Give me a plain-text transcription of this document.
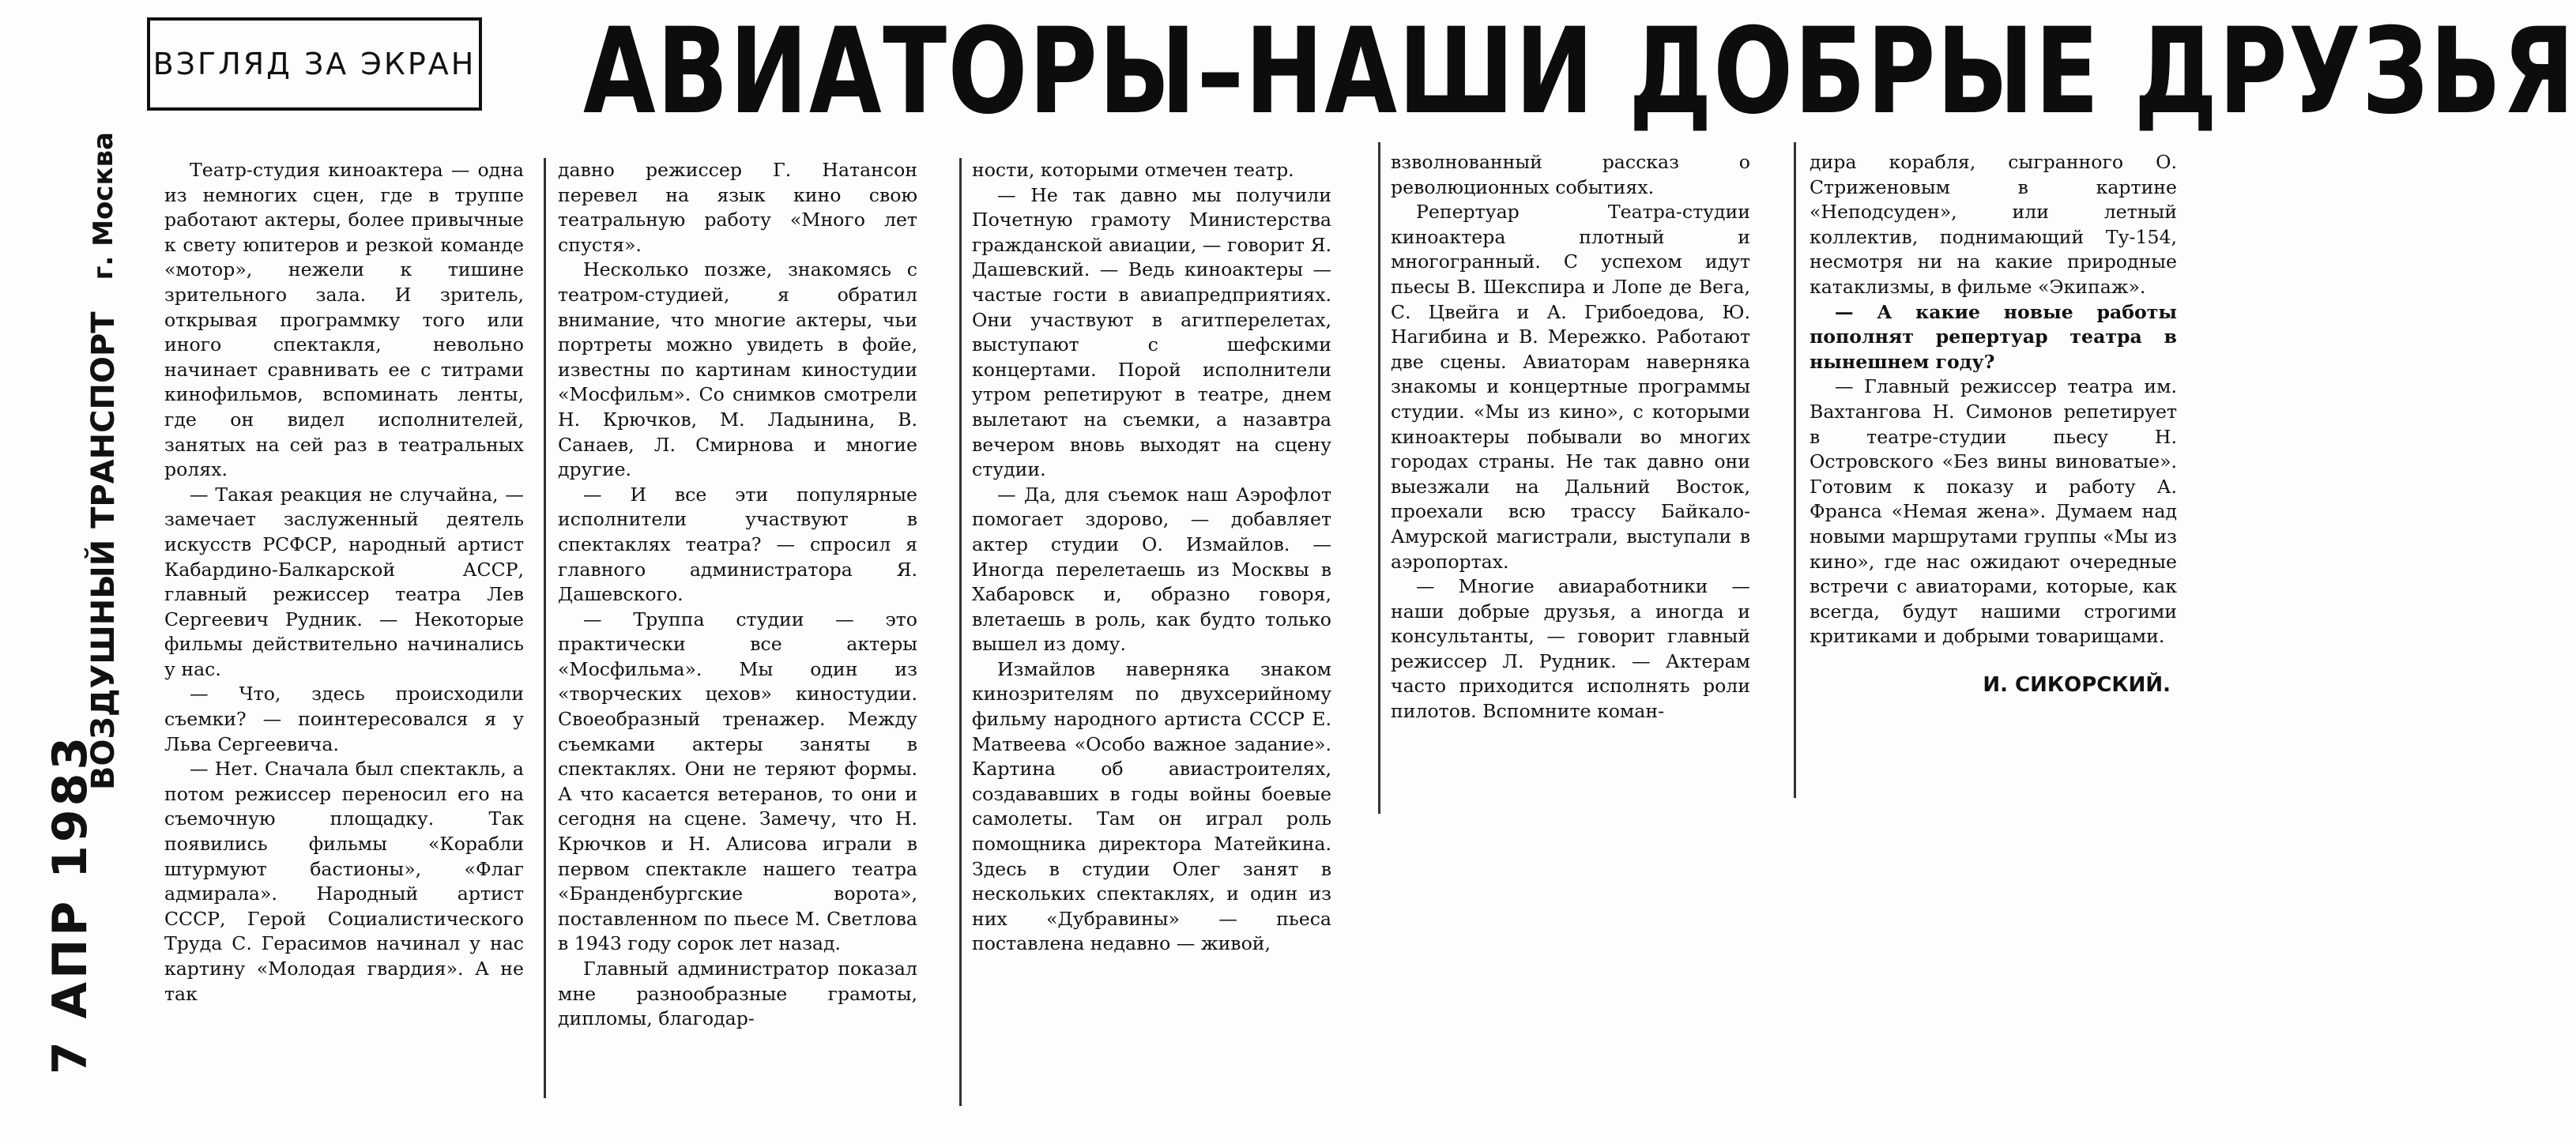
ВЗГЛЯД ЗА ЭКРАН АВИАТОРЫ–НАШИ ДОБРЫЕ ДРУЗЬЯ
7 АПР 1983
ВОЗДУШНЫЙ ТРАНСПОРТ
г. Москва	Театр-студия киноактера — одна из немногих сцен, где в труппе работают актеры, более привычные к свету юпитеров и резкой команде «мотор», нежели к тишине зрительного зала. И зритель, открывая программку того или иного спектакля, невольно начинает сравнивать ее с титрами кинофильмов, вспоминать ленты, где он видел исполнителей, занятых на сей раз в театральных ролях.

— Такая реакция не случайна, — замечает заслуженный деятель искусств РСФСР, народный артист Кабардино-Балкарской АССР, главный режиссер театра Лев Сергеевич Рудник. — Некоторые фильмы действительно начинались у нас.

— Что, здесь происходили съемки? — поинтересовался я у Льва Сергеевича.

— Нет. Сначала был спектакль, а потом режиссер переносил его на съемочную площадку. Так появились фильмы «Корабли штурмуют бастионы», «Флаг адмирала». Народный артист СССР, Герой Социалистического Труда С. Герасимов начинал у нас картину «Молодая гвардия». А не так

давно режиссер Г. Натансон перевел на язык кино свою театральную работу «Много лет спустя».

Несколько позже, знакомясь с театром-студией, я обратил внимание, что многие актеры, чьи портреты можно увидеть в фойе, известны по картинам киностудии «Мосфильм». Со снимков смотрели Н. Крючков, М. Ладынина, В. Санаев, Л. Смирнова и многие другие.

— И все эти популярные исполнители участвуют в спектаклях театра? — спросил я главного администратора Я. Дашевского.

— Труппа студии — это практически все актеры «Мосфильма». Мы один из «творческих цехов» киностудии. Своеобразный тренажер. Между съемками актеры заняты в спектаклях. Они не теряют формы. А что касается ветеранов, то они и сегодня на сцене. Замечу, что Н. Крючков и Н. Алисова играли в первом спектакле нашего театра «Бранденбургские ворота», поставленном по пьесе М. Светлова в 1943 году сорок лет назад.

Главный администратор показал мне разнообразные грамоты, дипломы, благодар-

ности, которыми отмечен театр.

— Не так давно мы получили Почетную грамоту Министерства гражданской авиации, — говорит Я. Дашевский. — Ведь киноактеры — частые гости в авиапредприятиях. Они участвуют в агитперелетах, выступают с шефскими концертами. Порой исполнители утром репетируют в театре, днем вылетают на съемки, а назавтра вечером вновь выходят на сцену студии.

— Да, для съемок наш Аэрофлот помогает здорово, — добавляет актер студии О. Измайлов. — Иногда перелетаешь из Москвы в Хабаровск и, образно говоря, влетаешь в роль, как будто только вышел из дому.

Измайлов наверняка знаком кинозрителям по двухсерийному фильму народного артиста СССР Е. Матвеева «Особо важное задание». Картина об авиастроителях, создававших в годы войны боевые самолеты. Там он играл роль помощника директора Матейкина. Здесь в студии Олег занят в нескольких спектаклях, и один из них «Дубравины» — пьеса поставлена недавно — живой,

взволнованный рассказ о революционных событиях.

Репертуар Театра-студии киноактера плотный и многогранный. С успехом идут пьесы В. Шекспира и Лопе де Вега, С. Цвейга и А. Грибоедова, Ю. Нагибина и В. Мережко. Работают две сцены. Авиаторам наверняка знакомы и концертные программы студии. «Мы из кино», с которыми киноактеры побывали во многих городах страны. Не так давно они выезжали на Дальний Восток, проехали всю трассу Байкало-Амурской магистрали, выступали в аэропортах.

— Многие авиаработники — наши добрые друзья, а иногда и консультанты, — говорит главный режиссер Л. Рудник. — Актерам часто приходится исполнять роли пилотов. Вспомните коман-

дира корабля, сыгранного О. Стриженовым в картине «Неподсуден», или летный коллектив, поднимающий Ту-154, несмотря ни на какие природные катаклизмы, в фильме «Экипаж».

— А какие новые работы пополнят репертуар театра в нынешнем году?

— Главный режиссер театра им. Вахтангова Н. Симонов репетирует в театре-студии пьесу Н. Островского «Без вины виноватые». Готовим к показу и работу А. Франса «Немая жена». Думаем над новыми маршрутами группы «Мы из кино», где нас ожидают очередные встречи с авиаторами, которые, как всегда, будут нашими строгими критиками и добрыми товарищами.

И. СИКОРСКИЙ.
